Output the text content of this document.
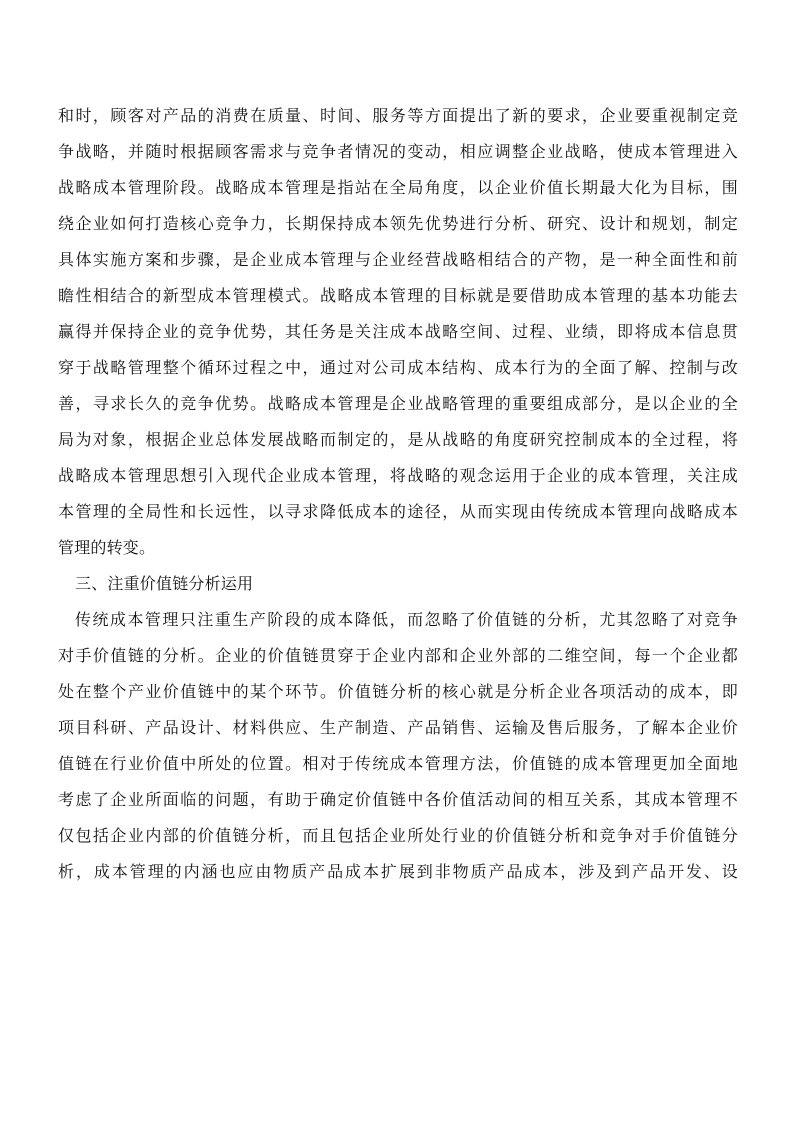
和时，顾客对产品的消费在质量、时间、服务等方面提出了新的要求，企业要重视制定竞
争战略，并随时根据顾客需求与竞争者情况的变动，相应调整企业战略，使成本管理进入
战略成本管理阶段。战略成本管理是指站在全局角度，以企业价值长期最大化为目标，围
绕企业如何打造核心竞争力，长期保持成本领先优势进行分析、研究、设计和规划，制定
具体实施方案和步骤，是企业成本管理与企业经营战略相结合的产物，是一种全面性和前
瞻性相结合的新型成本管理模式。战略成本管理的目标就是要借助成本管理的基本功能去
赢得并保持企业的竞争优势，其任务是关注成本战略空间、过程、业绩，即将成本信息贯
穿于战略管理整个循环过程之中，通过对公司成本结构、成本行为的全面了解、控制与改
善，寻求长久的竞争优势。战略成本管理是企业战略管理的重要组成部分，是以企业的全
局为对象，根据企业总体发展战略而制定的，是从战略的角度研究控制成本的全过程，将
战略成本管理思想引入现代企业成本管理，将战略的观念运用于企业的成本管理，关注成
本管理的全局性和长远性，以寻求降低成本的途径，从而实现由传统成本管理向战略成本
管理的转变。
三、注重价值链分析运用
传统成本管理只注重生产阶段的成本降低，而忽略了价值链的分析，尤其忽略了对竞争
对手价值链的分析。企业的价值链贯穿于企业内部和企业外部的二维空间，每一个企业都
处在整个产业价值链中的某个环节。价值链分析的核心就是分析企业各项活动的成本，即
项目科研、产品设计、材料供应、生产制造、产品销售、运输及售后服务，了解本企业价
值链在行业价值中所处的位置。相对于传统成本管理方法，价值链的成本管理更加全面地
考虑了企业所面临的问题，有助于确定价值链中各价值活动间的相互关系，其成本管理不
仅包括企业内部的价值链分析，而且包括企业所处行业的价值链分析和竞争对手价值链分
析，成本管理的内涵也应由物质产品成本扩展到非物质产品成本，涉及到产品开发、设
